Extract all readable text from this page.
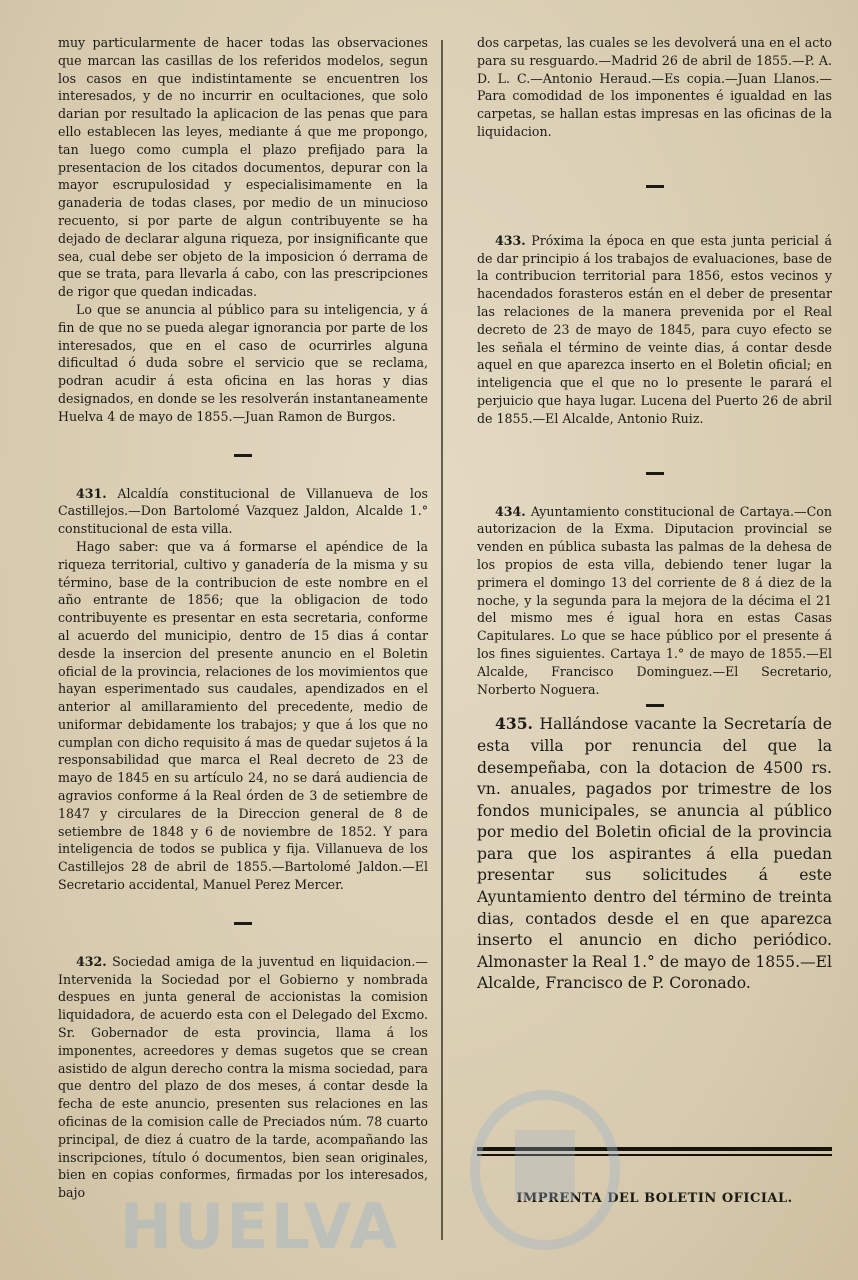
muy particularmente de hacer todas las observaciones que marcan las casillas de los referidos modelos, segun los casos en que indistintamente se encuentren los interesados, y de no incurrir en ocultaciones, que solo darian por resultado la aplicacion de las penas que para ello establecen las leyes, mediante á que me propongo, tan luego como cumpla el plazo prefijado para la presentacion de los citados documentos, depurar con la mayor escrupulosidad y especialisimamente en la ganaderia de todas clases, por medio de un minucioso recuento, si por parte de algun contribuyente se ha dejado de declarar alguna riqueza, por insignificante que sea, cual debe ser objeto de la imposicion ó derrama de que se trata, para llevarla á cabo, con las prescripciones de rigor que quedan indicadas.

Lo que se anuncia al público para su inteligencia, y á fin de que no se pueda alegar ignorancia por parte de los interesados, que en el caso de ocurrirles alguna dificultad ó duda sobre el servicio que se reclama, podran acudir á esta oficina en las horas y dias designados, en donde se les resolverán instantaneamente Huelva 4 de mayo de 1855.—Juan Ramon de Burgos.

431. Alcaldía constitucional de Villanueva de los Castillejos.—Don Bartolomé Vazquez Jaldon, Alcalde 1.° constitucional de esta villa.

Hago saber: que va á formarse el apéndice de la riqueza territorial, cultivo y ganadería de la misma y su término, base de la contribucion de este nombre en el año entrante de 1856; que la obligacion de todo contribuyente es presentar en esta secretaria, conforme al acuerdo del municipio, dentro de 15 dias á contar desde la insercion del presente anuncio en el Boletin oficial de la provincia, relaciones de los movimientos que hayan esperimentado sus caudales, apendizados en el anterior al amillaramiento del precedente, medio de uniformar debidamente los trabajos; y que á los que no cumplan con dicho requisito á mas de quedar sujetos á la responsabilidad que marca el Real decreto de 23 de mayo de 1845 en su artículo 24, no se dará audiencia de agravios conforme á la Real órden de 3 de setiembre de 1847 y circulares de la Direccion general de 8 de setiembre de 1848 y 6 de noviembre de 1852. Y para inteligencia de todos se publica y fija. Villanueva de los Castillejos 28 de abril de 1855.—Bartolomé Jaldon.—El Secretario accidental, Manuel Perez Mercer.

432. Sociedad amiga de la juventud en liquidacion.—Intervenida la Sociedad por el Gobierno y nombrada despues en junta general de accionistas la comision liquidadora, de acuerdo esta con el Delegado del Excmo. Sr. Gobernador de esta provincia, llama á los imponentes, acreedores y demas sugetos que se crean asistido de algun derecho contra la misma sociedad, para que dentro del plazo de dos meses, á contar desde la fecha de este anuncio, presenten sus relaciones en las oficinas de la comision calle de Preciados núm. 78 cuarto principal, de diez á cuatro de la tarde, acompañando las inscripciones, título ó documentos, bien sean originales, bien en copias conformes, firmadas por los interesados, bajo

dos carpetas, las cuales se les devolverá una en el acto para su resguardo.—Madrid 26 de abril de 1855.—P. A. D. L. C.—Antonio Heraud.—Es copia.—Juan Llanos.—Para comodidad de los imponentes é igualdad en las carpetas, se hallan estas impresas en las oficinas de la liquidacion.

433. Próxima la época en que esta junta pericial á de dar principio á los trabajos de evaluaciones, base de la contribucion territorial para 1856, estos vecinos y hacendados forasteros están en el deber de presentar las relaciones de la manera prevenida por el Real decreto de 23 de mayo de 1845, para cuyo efecto se les señala el término de veinte dias, á contar desde aquel en que aparezca inserto en el Boletin oficial; en inteligencia que el que no lo presente le parará el perjuicio que haya lugar. Lucena del Puerto 26 de abril de 1855.—El Alcalde, Antonio Ruiz.

434. Ayuntamiento constitucional de Cartaya.—Con autorizacion de la Exma. Diputacion provincial se venden en pública subasta las palmas de la dehesa de los propios de esta villa, debiendo tener lugar la primera el domingo 13 del corriente de 8 á diez de la noche, y la segunda para la mejora de la décima el 21 del mismo mes é igual hora en estas Casas Capitulares. Lo que se hace público por el presente á los fines siguientes. Cartaya 1.° de mayo de 1855.—El Alcalde, Francisco Dominguez.—El Secretario, Norberto Noguera.

435. Hallándose vacante la Secretaría de esta villa por renuncia del que la desempeñaba, con la dotacion de 4500 rs. vn. anuales, pagados por trimestre de los fondos municipales, se anuncia al público por medio del Boletin oficial de la provincia para que los aspirantes á ella puedan presentar sus solicitudes á este Ayuntamiento dentro del término de treinta dias, contados desde el en que aparezca inserto el anuncio en dicho periódico. Almonaster la Real 1.° de mayo de 1855.—El Alcalde, Francisco de P. Coronado.

IMPRENTA DEL BOLETIN OFICIAL.
HUELVA
